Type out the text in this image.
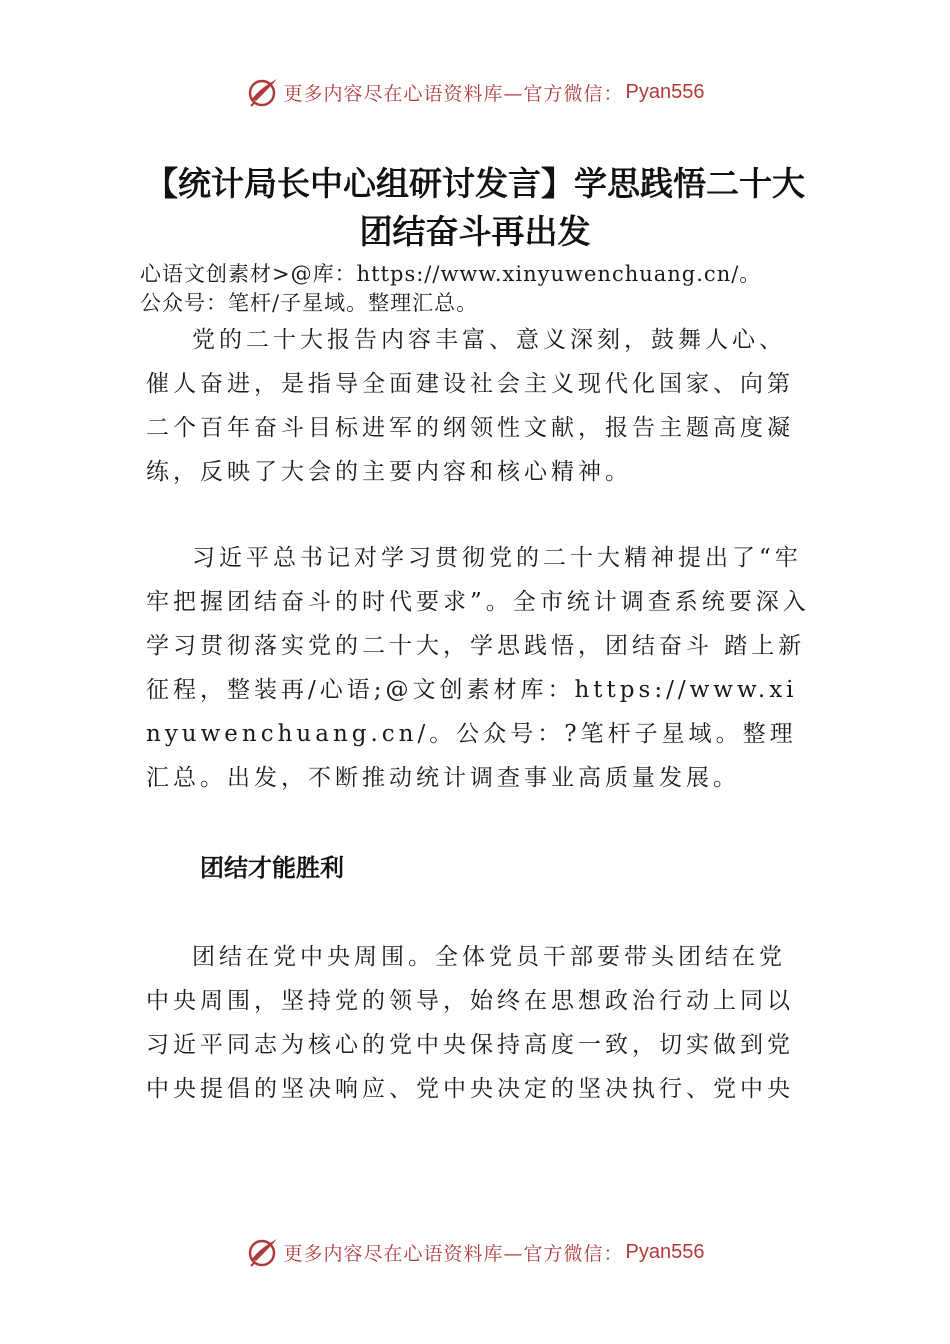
更多内容尽在心语资料库—官方微信： Pyan556
【统计局长中心组研讨发言】学思践悟二十大 团结奋斗再出发

心语文创素材>@库：https://www.xinyuwenchuang.cn/。
公众号：笔杆/子星域。整理汇总。

党的二十大报告内容丰富、意义深刻，鼓舞人心、催人奋进，是指导全面建设社会主义现代化国家、向第二个百年奋斗目标进军的纲领性文献，报告主题高度凝练，反映了大会的主要内容和核心精神。

习近平总书记对学习贯彻党的二十大精神提出了“牢牢把握团结奋斗的时代要求”。全市统计调查系统要深入学习贯彻落实党的二十大，学思践悟，团结奋斗 踏上新征程，整装再/心语;@文创素材库：https://www.xinyuwenchuang.cn/。公众号：?笔杆子星域。整理汇总。出发，不断推动统计调查事业高质量发展。

团结才能胜利

团结在党中央周围。全体党员干部要带头团结在党中央周围，坚持党的领导，始终在思想政治行动上同以习近平同志为核心的党中央保持高度一致，切实做到党中央提倡的坚决响应、党中央决定的坚决执行、党中央

更多内容尽在心语资料库—官方微信： Pyan556
